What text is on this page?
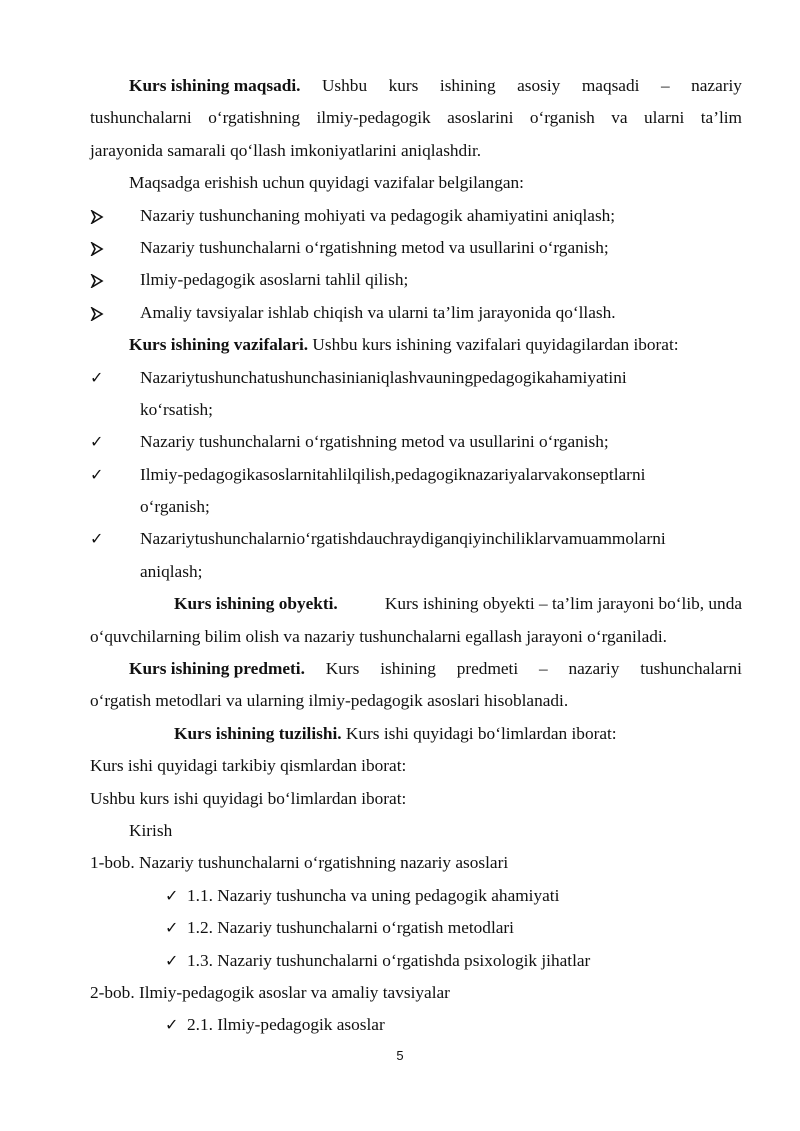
Kurs ishining maqsadi. Ushbu kurs ishining asosiy maqsadi – nazariy
tushunchalarni o‘rgatishning ilmiy-pedagogik asoslarini o‘rganish va ularni ta’lim
jarayonida samarali qo‘llash imkoniyatlarini aniqlashdir.
Maqsadga erishish uchun quyidagi vazifalar belgilangan:
Nazariy tushunchaning mohiyati va pedagogik ahamiyatini aniqlash;
Nazariy tushunchalarni o‘rgatishning metod va usullarini o‘rganish;
Ilmiy-pedagogik asoslarni tahlil qilish;
Amaliy tavsiyalar ishlab chiqish va ularni ta’lim jarayonida qo‘llash.
Kurs ishining vazifalari. Ushbu kurs ishining vazifalari quyidagilardan iborat:
✓	Nazariytushunchatushunchasinianiqlashvauningpedagogikahamiyatini
ko‘rsatish;
✓	Nazariy tushunchalarni o‘rgatishning metod va usullarini o‘rganish;
✓	Ilmiy-pedagogikasoslarnitahlilqilish,pedagogiknazariyalarvakonseptlarni
o‘rganish;
✓	Nazariytushunchalarnio‘rgatishdauchraydiganqiyinchiliklarvamuammolarni
aniqlash;
Kurs ishining obyekti.	Kurs ishining obyekti – ta’lim jarayoni bo‘lib, unda
o‘quvchilarning bilim olish va nazariy tushunchalarni egallash jarayoni o‘rganiladi.
Kurs ishining predmeti. Kurs ishining predmeti – nazariy tushunchalarni
o‘rgatish metodlari va ularning ilmiy-pedagogik asoslari hisoblanadi.
Kurs ishining tuzilishi. Kurs ishi quyidagi bo‘limlardan iborat:
Kurs ishi quyidagi tarkibiy qismlardan iborat:
Ushbu kurs ishi quyidagi bo‘limlardan iborat:
Kirish
1-bob. Nazariy tushunchalarni o‘rgatishning nazariy asoslari
✓ 1.1. Nazariy tushuncha va uning pedagogik ahamiyati
✓ 1.2. Nazariy tushunchalarni o‘rgatish metodlari
✓ 1.3. Nazariy tushunchalarni o‘rgatishda psixologik jihatlar
2-bob. Ilmiy-pedagogik asoslar va amaliy tavsiyalar
✓ 2.1. Ilmiy-pedagogik asoslar
5
